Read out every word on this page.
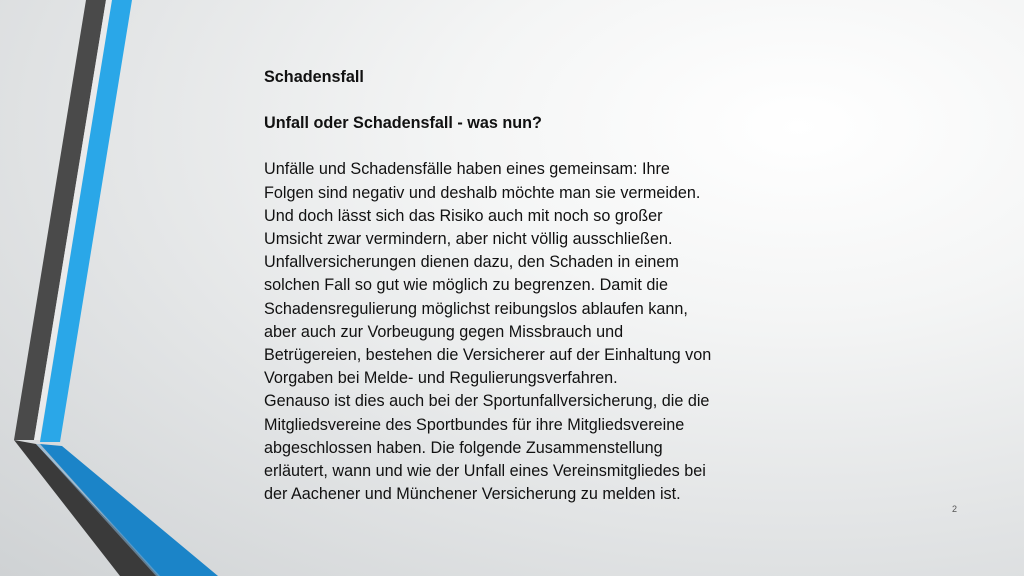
Schadensfall

Unfall oder Schadensfall - was nun?

Unfälle und Schadensfälle haben eines gemeinsam: Ihre
Folgen sind negativ und deshalb möchte man sie vermeiden.
Und doch lässt sich das Risiko auch mit noch so großer
Umsicht zwar vermindern, aber nicht völlig ausschließen.
Unfallversicherungen dienen dazu, den Schaden in einem
solchen Fall so gut wie möglich zu begrenzen. Damit die
Schadensregulierung möglichst reibungslos ablaufen kann,
aber auch zur Vorbeugung gegen Missbrauch und
Betrügereien, bestehen die Versicherer auf der Einhaltung von
Vorgaben bei Melde- und Regulierungsverfahren.

Genauso ist dies auch bei der Sportunfallversicherung, die die
Mitgliedsvereine des Sportbundes für ihre Mitgliedsvereine
abgeschlossen haben. Die folgende Zusammenstellung
erläutert, wann und wie der Unfall eines Vereinsmitgliedes bei
der Aachener und Münchener Versicherung zu melden ist.

2
